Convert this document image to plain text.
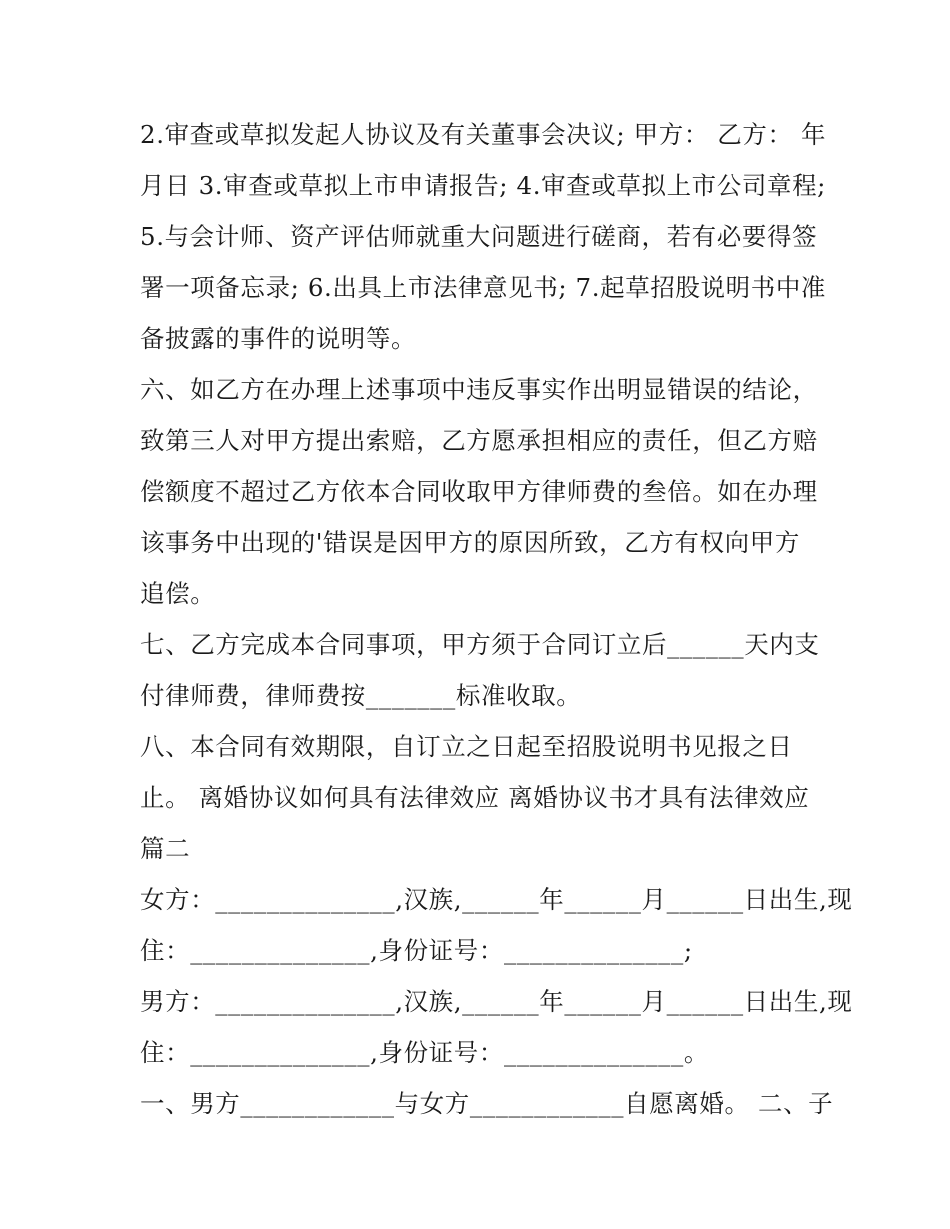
2.审查或草拟发起人协议及有关董事会决议; 甲方： 乙方： 年
月日 3.审查或草拟上市申请报告; 4.审查或草拟上市公司章程;
5.与会计师、资产评估师就重大问题进行磋商，若有必要得签
署一项备忘录; 6.出具上市法律意见书; 7.起草招股说明书中准
备披露的事件的说明等。
六、如乙方在办理上述事项中违反事实作出明显错误的结论，
致第三人对甲方提出索赔，乙方愿承担相应的责任，但乙方赔
偿额度不超过乙方依本合同收取甲方律师费的叁倍。如在办理
该事务中出现的'错误是因甲方的原因所致，乙方有权向甲方
追偿。
七、乙方完成本合同事项，甲方须于合同订立后______天内支
付律师费，律师费按_______标准收取。
八、本合同有效期限，自订立之日起至招股说明书见报之日
止。 离婚协议如何具有法律效应 离婚协议书才具有法律效应
篇二
女方：______________,汉族,______年______月______日出生,现
住：______________,身份证号：______________;
男方：______________,汉族,______年______月______日出生,现
住：______________,身份证号：______________。
一、男方____________与女方____________自愿离婚。 二、子
